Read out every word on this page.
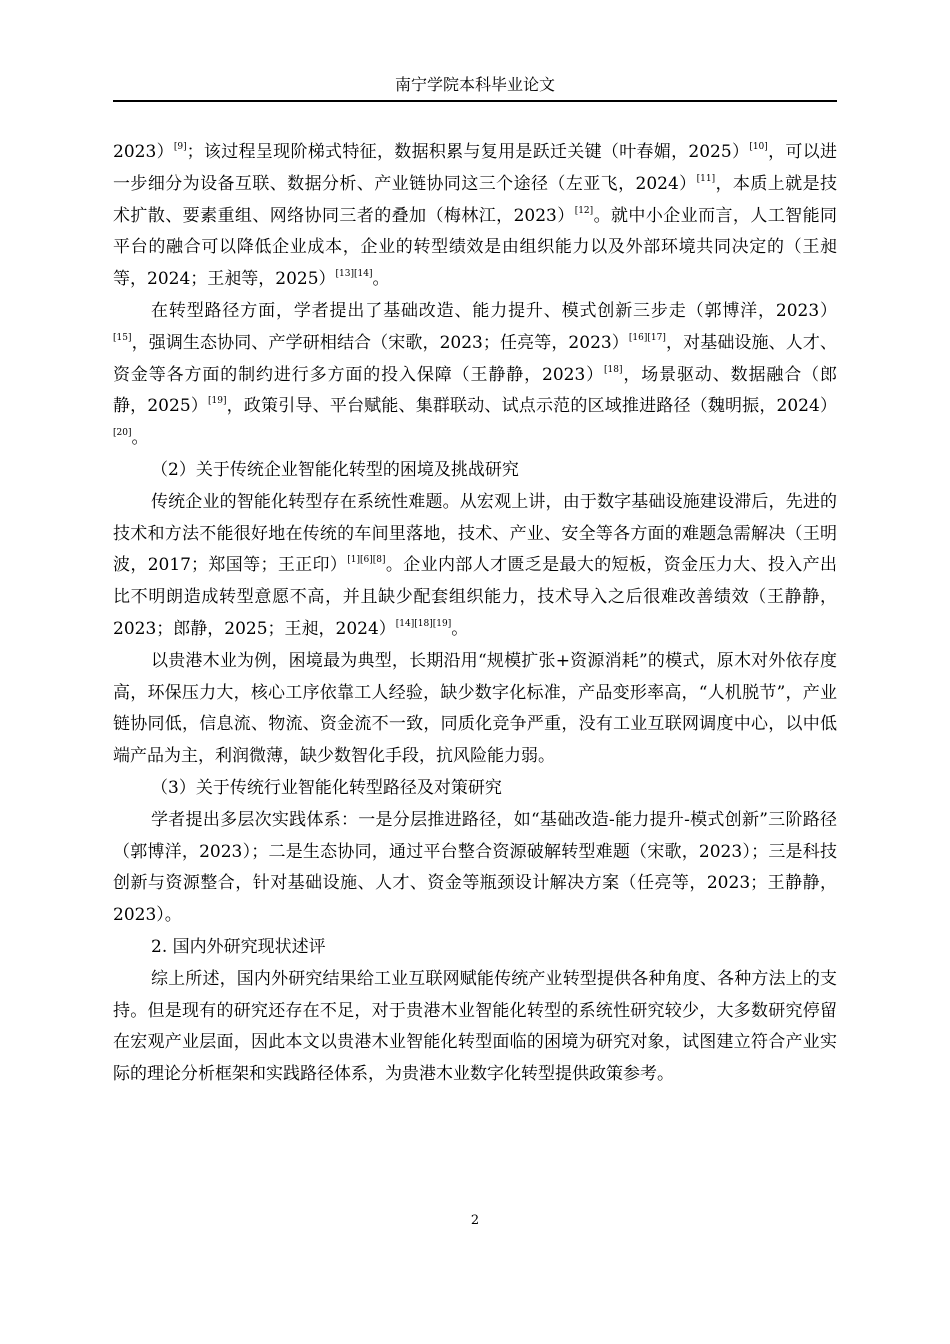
南宁学院本科毕业论文

2023）[9]；该过程呈现阶梯式特征，数据积累与复用是跃迁关键（叶春媚，2025）[10]，可以进一步细分为设备互联、数据分析、产业链协同这三个途径（左亚飞，2024）[11]，本质上就是技术扩散、要素重组、网络协同三者的叠加（梅林江，2023）[12]。就中小企业而言，人工智能同平台的融合可以降低企业成本，企业的转型绩效是由组织能力以及外部环境共同决定的（王昶等，2024；王昶等，2025）[13][14]。

在转型路径方面，学者提出了基础改造、能力提升、模式创新三步走（郭博洋，2023）[15]，强调生态协同、产学研相结合（宋歌，2023；任亮等，2023）[16][17]，对基础设施、人才、资金等各方面的制约进行多方面的投入保障（王静静，2023）[18]，场景驱动、数据融合（郎静，2025）[19]，政策引导、平台赋能、集群联动、试点示范的区域推进路径（魏明振，2024）[20]。

（2）关于传统企业智能化转型的困境及挑战研究

传统企业的智能化转型存在系统性难题。从宏观上讲，由于数字基础设施建设滞后，先进的技术和方法不能很好地在传统的车间里落地，技术、产业、安全等各方面的难题急需解决（王明波，2017；郑国等；王正印）[1][6][8]。企业内部人才匮乏是最大的短板，资金压力大、投入产出比不明朗造成转型意愿不高，并且缺少配套组织能力，技术导入之后很难改善绩效（王静静，2023；郎静，2025；王昶，2024）[14][18][19]。

以贵港木业为例，困境最为典型，长期沿用“规模扩张+资源消耗”的模式，原木对外依存度高，环保压力大，核心工序依靠工人经验，缺少数字化标准，产品变形率高，“人机脱节”，产业链协同低，信息流、物流、资金流不一致，同质化竞争严重，没有工业互联网调度中心，以中低端产品为主，利润微薄，缺少数智化手段，抗风险能力弱。

（3）关于传统行业智能化转型路径及对策研究

学者提出多层次实践体系：一是分层推进路径，如“基础改造-能力提升-模式创新”三阶路径（郭博洋，2023）；二是生态协同，通过平台整合资源破解转型难题（宋歌，2023）；三是科技创新与资源整合，针对基础设施、人才、资金等瓶颈设计解决方案（任亮等，2023；王静静，2023）。

2. 国内外研究现状述评

综上所述，国内外研究结果给工业互联网赋能传统产业转型提供各种角度、各种方法上的支持。但是现有的研究还存在不足，对于贵港木业智能化转型的系统性研究较少，大多数研究停留在宏观产业层面，因此本文以贵港木业智能化转型面临的困境为研究对象，试图建立符合产业实际的理论分析框架和实践路径体系，为贵港木业数字化转型提供政策参考。

2
